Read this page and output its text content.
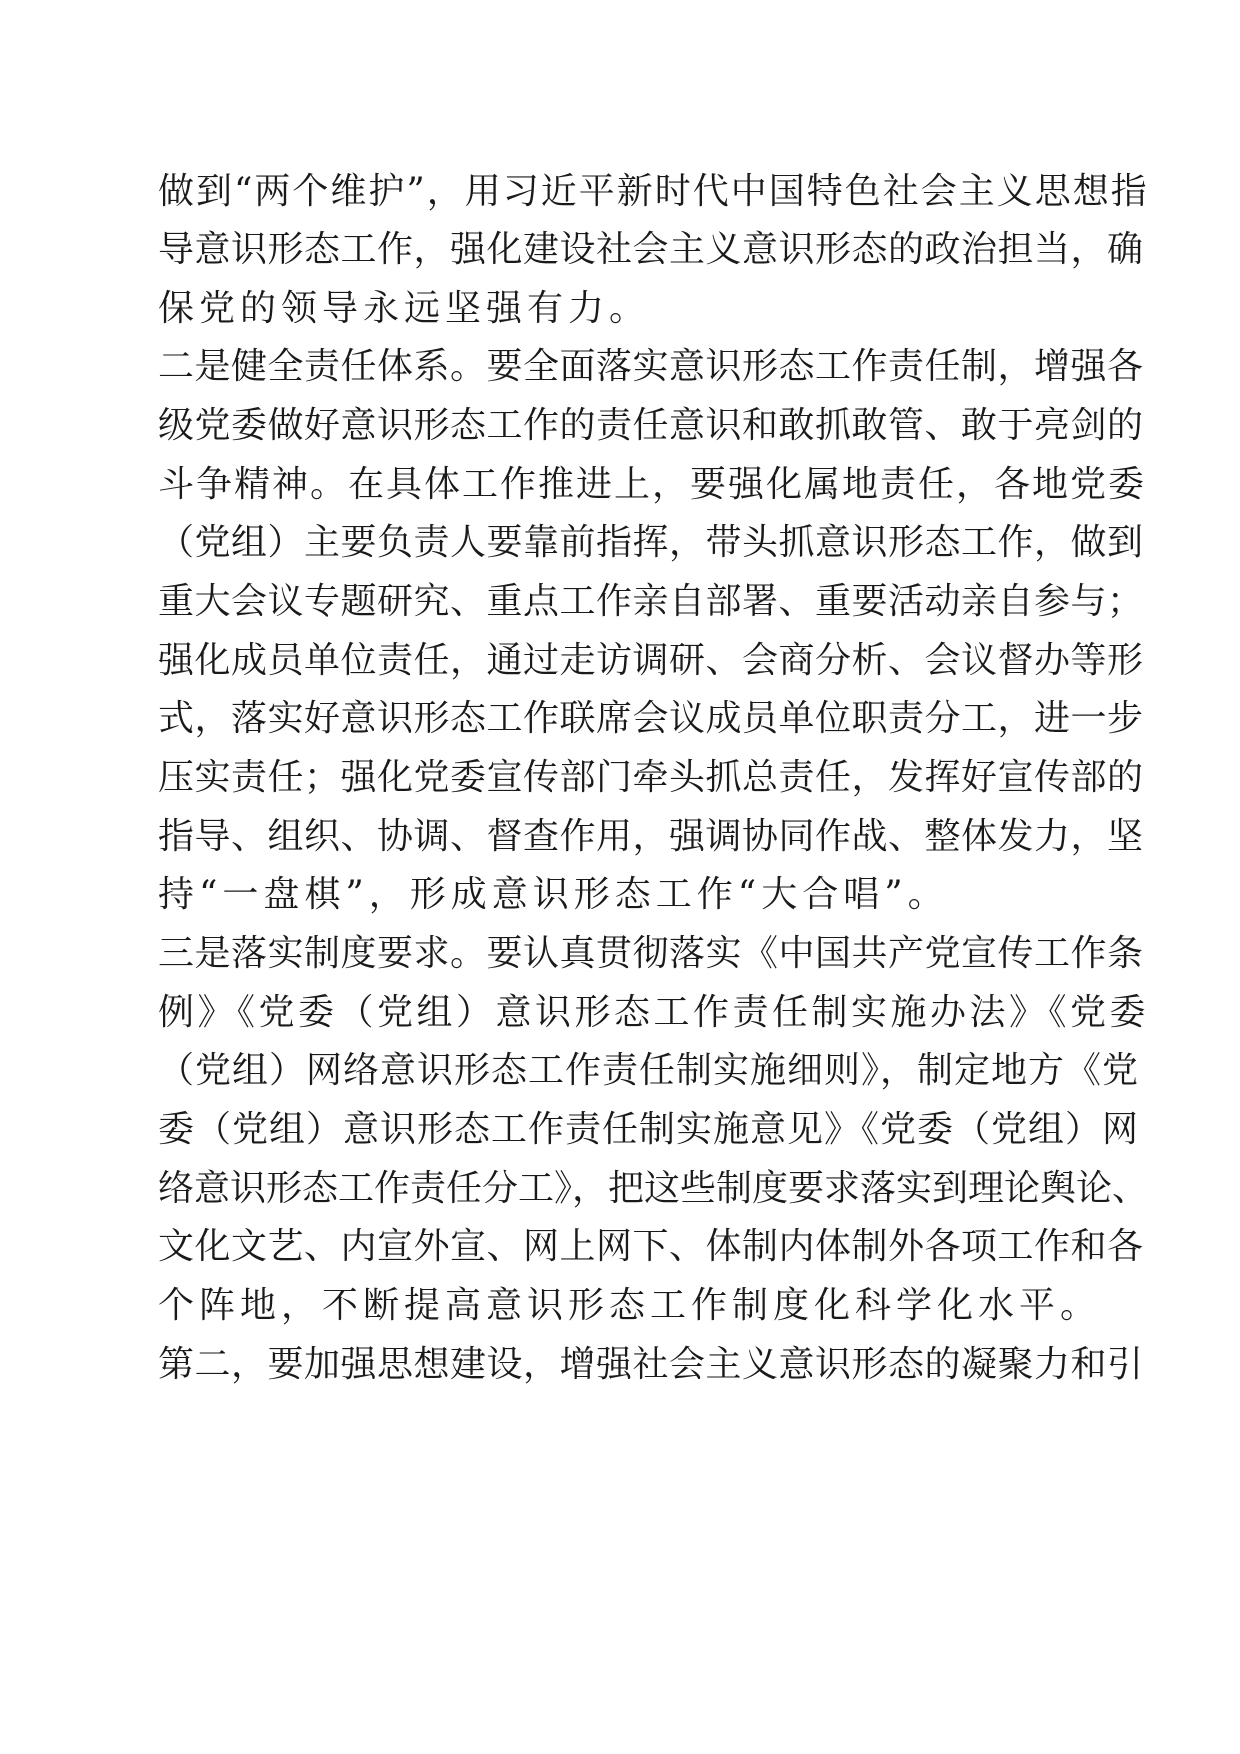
做到“两个维护”，用习近平新时代中国特色社会主义思想指
导意识形态工作，强化建设社会主义意识形态的政治担当，确
保党的领导永远坚强有力。
二是健全责任体系。要全面落实意识形态工作责任制，增强各
级党委做好意识形态工作的责任意识和敢抓敢管、敢于亮剑的
斗争精神。在具体工作推进上，要强化属地责任，各地党委
（党组）主要负责人要靠前指挥，带头抓意识形态工作，做到
重大会议专题研究、重点工作亲自部署、重要活动亲自参与；
强化成员单位责任，通过走访调研、会商分析、会议督办等形
式，落实好意识形态工作联席会议成员单位职责分工，进一步
压实责任；强化党委宣传部门牵头抓总责任，发挥好宣传部的
指导、组织、协调、督查作用，强调协同作战、整体发力，坚
持“一盘棋”，形成意识形态工作“大合唱”。
三是落实制度要求。要认真贯彻落实《中国共产党宣传工作条
例》《党委（党组）意识形态工作责任制实施办法》《党委
（党组）网络意识形态工作责任制实施细则》，制定地方《党
委（党组）意识形态工作责任制实施意见》《党委（党组）网
络意识形态工作责任分工》，把这些制度要求落实到理论舆论、
文化文艺、内宣外宣、网上网下、体制内体制外各项工作和各
个阵地，不断提高意识形态工作制度化科学化水平。
第二，要加强思想建设，增强社会主义意识形态的凝聚力和引
